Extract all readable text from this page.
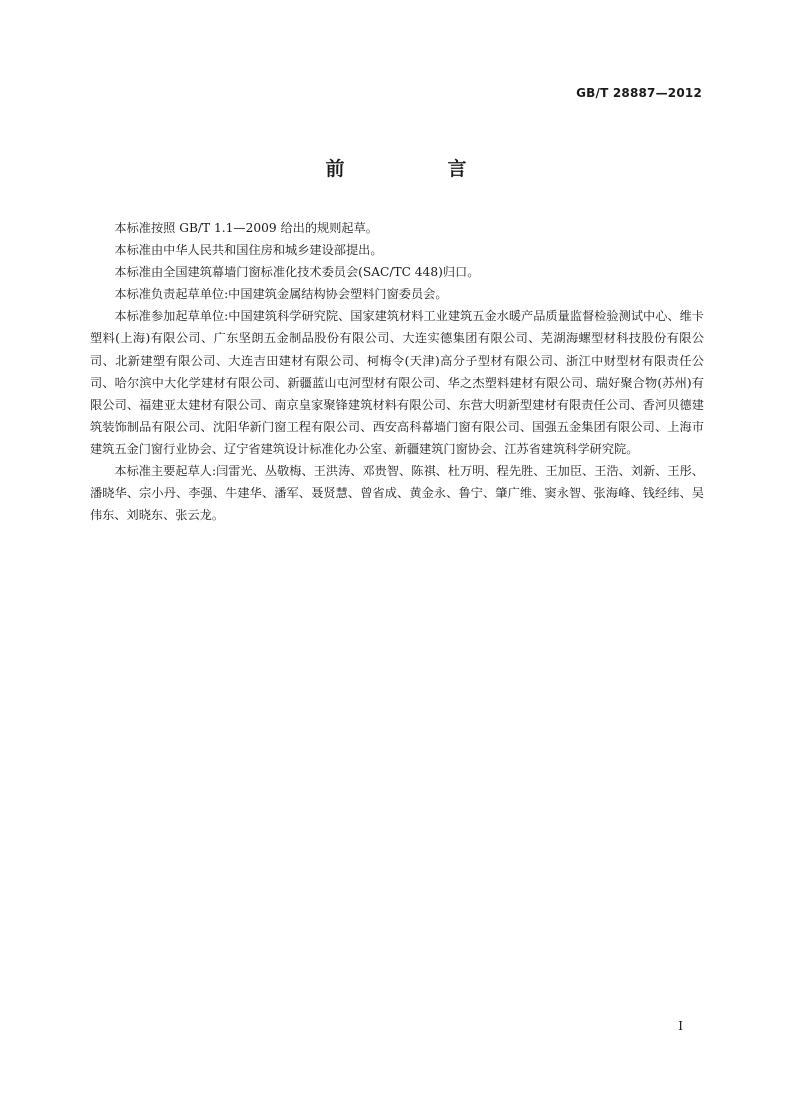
GB/T 28887—2012
前　言

本标准按照 GB/T 1.1—2009 给出的规则起草。

本标准由中华人民共和国住房和城乡建设部提出。

本标准由全国建筑幕墙门窗标准化技术委员会(SAC/TC 448)归口。

本标准负责起草单位:中国建筑金属结构协会塑料门窗委员会。

本标准参加起草单位:中国建筑科学研究院、国家建筑材料工业建筑五金水暖产品质量监督检验测试中心、维卡塑料(上海)有限公司、广东坚朗五金制品股份有限公司、大连实德集团有限公司、芜湖海螺型材科技股份有限公司、北新建塑有限公司、大连吉田建材有限公司、柯梅令(天津)高分子型材有限公司、浙江中财型材有限责任公司、哈尔滨中大化学建材有限公司、新疆蓝山屯河型材有限公司、华之杰塑料建材有限公司、瑞好聚合物(苏州)有限公司、福建亚太建材有限公司、南京皇家聚锋建筑材料有限公司、东营大明新型建材有限责任公司、香河贝德建筑装饰制品有限公司、沈阳华新门窗工程有限公司、西安高科幕墙门窗有限公司、国强五金集团有限公司、上海市建筑五金门窗行业协会、辽宁省建筑设计标准化办公室、新疆建筑门窗协会、江苏省建筑科学研究院。

本标准主要起草人:闫雷光、丛敬梅、王洪涛、邓贵智、陈祺、杜万明、程先胜、王加臣、王浩、刘新、王彤、潘晓华、宗小丹、李强、牛建华、潘军、聂贤慧、曾省成、黄金永、鲁宁、肇广维、窦永智、张海峰、钱经纬、吴伟东、刘晓东、张云龙。

I
